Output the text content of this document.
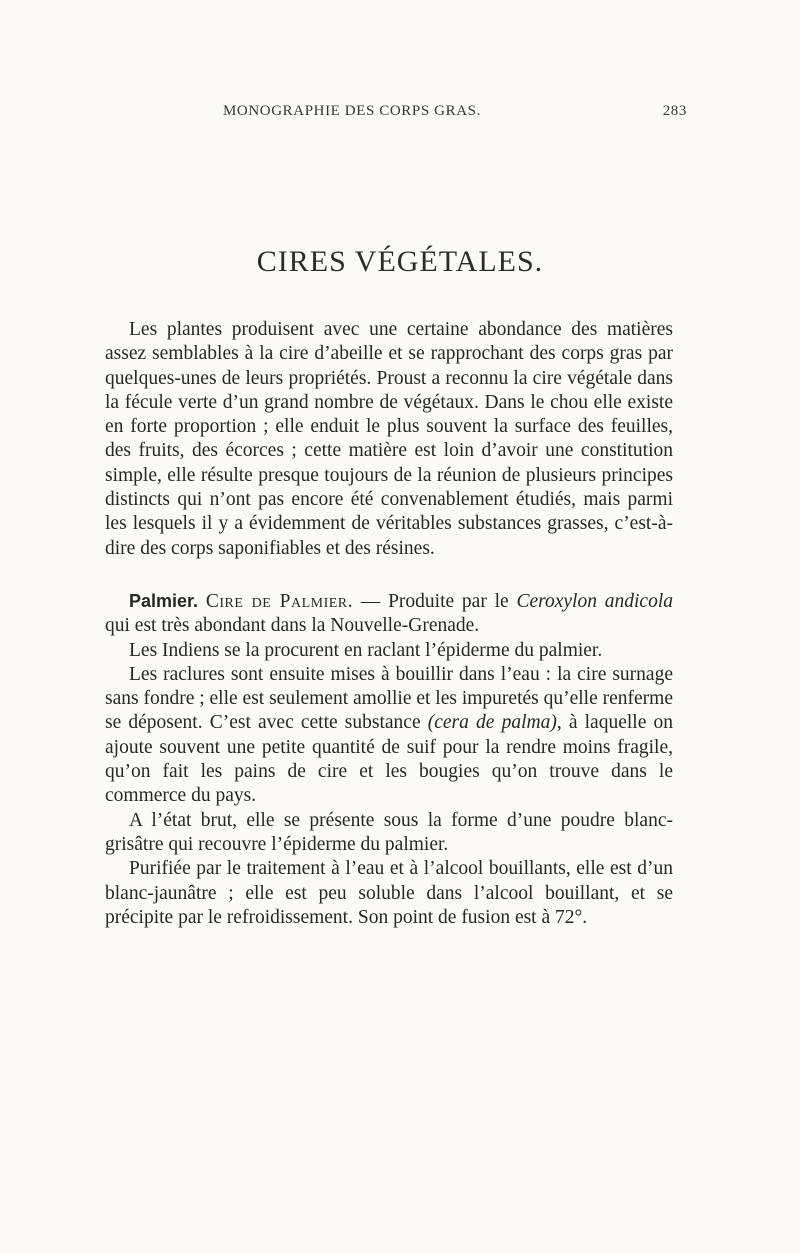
MONOGRAPHIE DES CORPS GRAS.	283
CIRES VÉGÉTALES.

Les plantes produisent avec une certaine abondance des matières assez semblables à la cire d’abeille et se rapprochant des corps gras par quelques-unes de leurs propriétés. Proust a reconnu la cire végétale dans la fécule verte d’un grand nombre de végétaux. Dans le chou elle existe en forte proportion ; elle enduit le plus souvent la surface des feuilles, des fruits, des écorces ; cette matière est loin d’avoir une constitution simple, elle résulte presque toujours de la réunion de plusieurs principes distincts qui n’ont pas encore été convenablement étudiés, mais parmi les lesquels il y a évidemment de véritables substances grasses, c’est-à-dire des corps saponifiables et des résines.

Palmier. Cire de Palmier. — Produite par le Ceroxylon andicola qui est très abondant dans la Nouvelle-Grenade.

Les Indiens se la procurent en raclant l’épiderme du palmier.

Les raclures sont ensuite mises à bouillir dans l’eau : la cire surnage sans fondre ; elle est seulement amollie et les impuretés qu’elle renferme se déposent. C’est avec cette substance (cera de palma), à laquelle on ajoute souvent une petite quantité de suif pour la rendre moins fragile, qu’on fait les pains de cire et les bougies qu’on trouve dans le commerce du pays.

A l’état brut, elle se présente sous la forme d’une poudre blanc-grisâtre qui recouvre l’épiderme du palmier.

Purifiée par le traitement à l’eau et à l’alcool bouillants, elle est d’un blanc-jaunâtre ; elle est peu soluble dans l’alcool bouillant, et se précipite par le refroidissement. Son point de fusion est à 72°.
